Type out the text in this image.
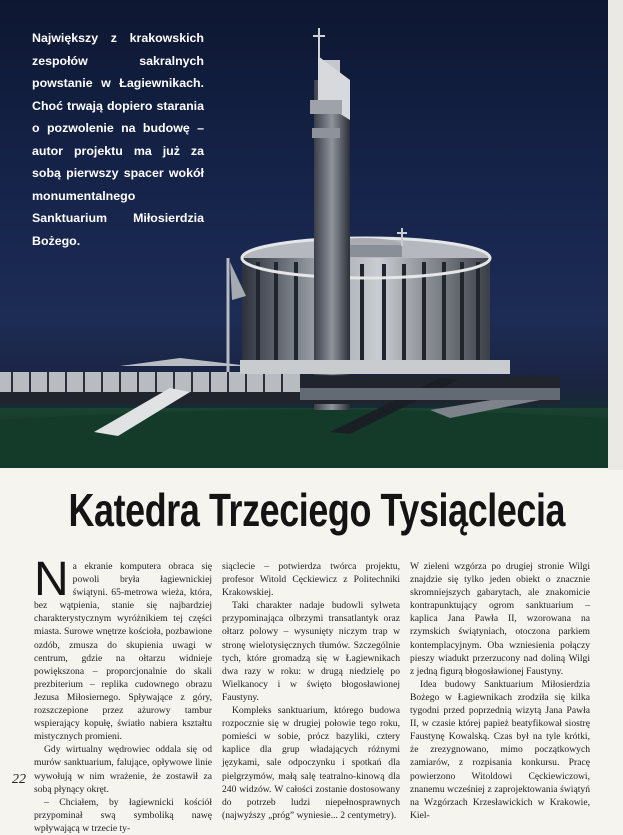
Największy z krakowskich zespołów sakralnych powstanie w Łagiewnikach. Choć trwają dopiero starania o pozwolenie na budowę – autor projektu ma już za sobą pierwszy spacer wokół monumentalnego Sanktuarium Miłosierdzia Bożego.
Katedra Trzeciego Tysiąclecia

Na ekranie komputera obraca się powoli bryła łagiewnickiej świątyni. 65-metrowa wieża, która, bez wątpienia, stanie się najbardziej charakterystycznym wyróżnikiem tej części miasta. Surowe wnętrze kościoła, pozbawione ozdób, zmusza do skupienia uwagi w centrum, gdzie na ołtarzu widnieje powiększona – proporcjonalnie do skali prezbiterium – replika cudownego obrazu Jezusa Miłosiernego. Spływające z góry, rozszczepione przez ażurowy tambur wspierający kopułę, światło nabiera kształtu mistycznych promieni.

Gdy wirtualny wędrowiec oddala się od murów sanktuarium, falujące, opływowe linie wywołują w nim wrażenie, że zostawił za sobą płynący okręt.

– Chciałem, by łagiewnicki kościół przypominał swą symboliką nawę wpływającą w trzecie ty-

siąclecie – potwierdza twórca projektu, profesor Witold Cęckiewicz z Politechniki Krakowskiej.

Taki charakter nadaje budowli sylweta przypominająca olbrzymi transatlantyk oraz ołtarz polowy – wysunięty niczym trap w stronę wielotysięcznych tłumów. Szczególnie tych, które gromadzą się w Łagiewnikach dwa razy w roku: w drugą niedzielę po Wielkanocy i w święto błogosławionej Faustyny.

Kompleks sanktuarium, którego budowa rozpocznie się w drugiej połowie tego roku, pomieści w sobie, prócz bazyliki, cztery kaplice dla grup władających różnymi językami, sale odpoczynku i spotkań dla pielgrzymów, małą salę teatralno-kinową dla 240 widzów. W całości zostanie dostosowany do potrzeb ludzi niepełnosprawnych (najwyższy „próg” wyniesie... 2 centymetry).

W zieleni wzgórza po drugiej stronie Wilgi znajdzie się tylko jeden obiekt o znacznie skromniejszych gabarytach, ale znakomicie kontrapunktujący ogrom sanktuarium – kaplica Jana Pawła II, wzorowana na rzymskich świątyniach, otoczona parkiem kontemplacyjnym. Oba wzniesienia połączy pieszy wiadukt przerzucony nad doliną Wilgi z jedną figurą błogosławionej Faustyny.

Idea budowy Sanktuarium Miłosierdzia Bożego w Łagiewnikach zrodziła się kilka tygodni przed poprzednią wizytą Jana Pawła II, w czasie której papież beatyfikował siostrę Faustynę Kowalską. Czas był na tyle krótki, że zrezygnowano, mimo początkowych zamiarów, z rozpisania konkursu. Pracę powierzono Witoldowi Cęckiewiczowi, znanemu wcześniej z zaprojektowania świątyń na Wzgórzach Krzesławickich w Krakowie, Kiel-

22
